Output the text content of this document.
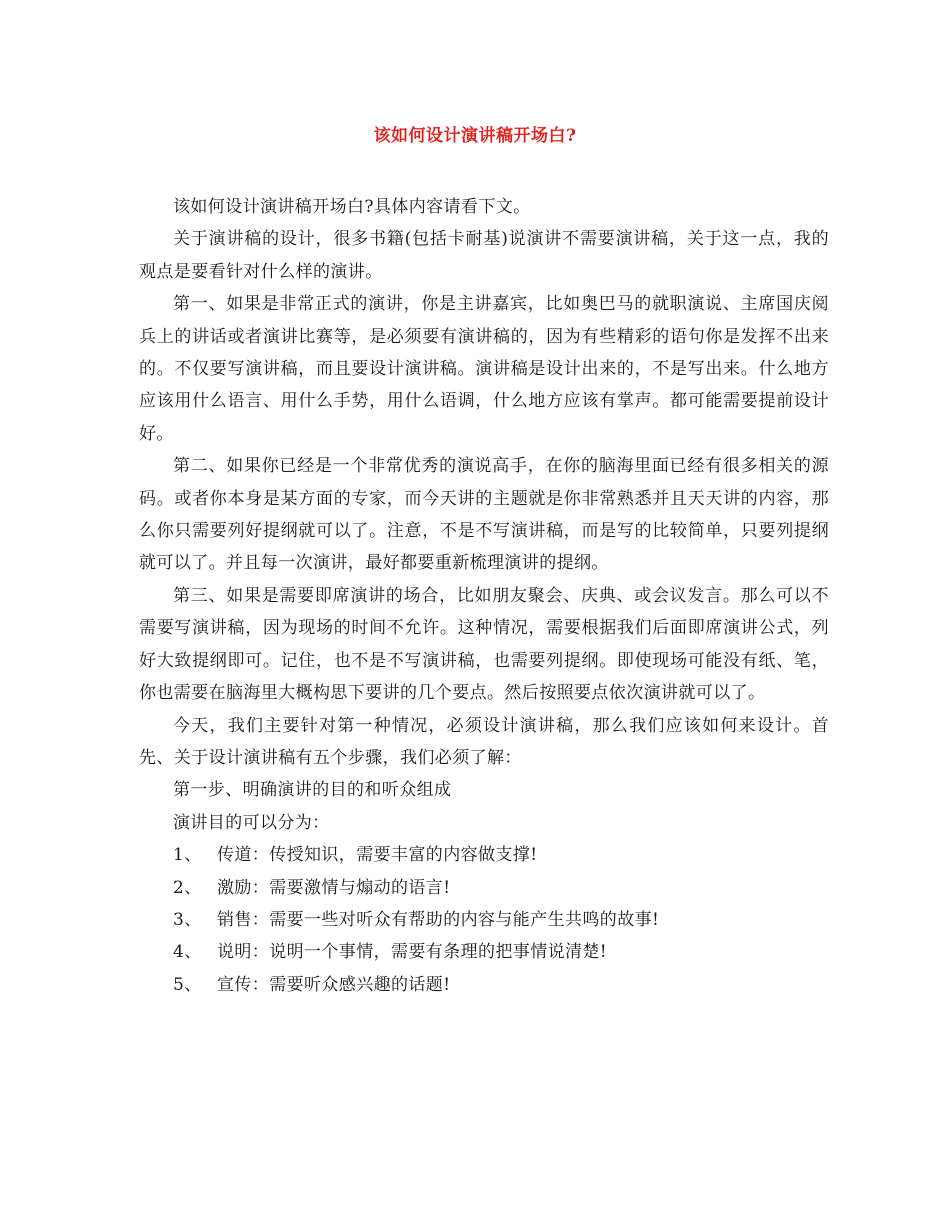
该如何设计演讲稿开场白?

该如何设计演讲稿开场白?具体内容请看下文。

关于演讲稿的设计，很多书籍(包括卡耐基)说演讲不需要演讲稿，关于这一点，我的观点是要看针对什么样的演讲。

第一、如果是非常正式的演讲，你是主讲嘉宾，比如奥巴马的就职演说、主席国庆阅兵上的讲话或者演讲比赛等，是必须要有演讲稿的，因为有些精彩的语句你是发挥不出来的。不仅要写演讲稿，而且要设计演讲稿。演讲稿是设计出来的，不是写出来。什么地方应该用什么语言、用什么手势，用什么语调，什么地方应该有掌声。都可能需要提前设计好。

第二、如果你已经是一个非常优秀的演说高手，在你的脑海里面已经有很多相关的源码。或者你本身是某方面的专家，而今天讲的主题就是你非常熟悉并且天天讲的内容，那么你只需要列好提纲就可以了。注意，不是不写演讲稿，而是写的比较简单，只要列提纲就可以了。并且每一次演讲，最好都要重新梳理演讲的提纲。

第三、如果是需要即席演讲的场合，比如朋友聚会、庆典、或会议发言。那么可以不需要写演讲稿，因为现场的时间不允许。这种情况，需要根据我们后面即席演讲公式，列好大致提纲即可。记住，也不是不写演讲稿，也需要列提纲。即使现场可能没有纸、笔，你也需要在脑海里大概构思下要讲的几个要点。然后按照要点依次演讲就可以了。

今天，我们主要针对第一种情况，必须设计演讲稿，那么我们应该如何来设计。首先、关于设计演讲稿有五个步骤，我们必须了解：

第一步、明确演讲的目的和听众组成

演讲目的可以分为：

1、 传道：传授知识，需要丰富的内容做支撑!

2、 激励：需要激情与煽动的语言!

3、 销售：需要一些对听众有帮助的内容与能产生共鸣的故事!

4、 说明：说明一个事情，需要有条理的把事情说清楚!

5、 宣传：需要听众感兴趣的话题!
